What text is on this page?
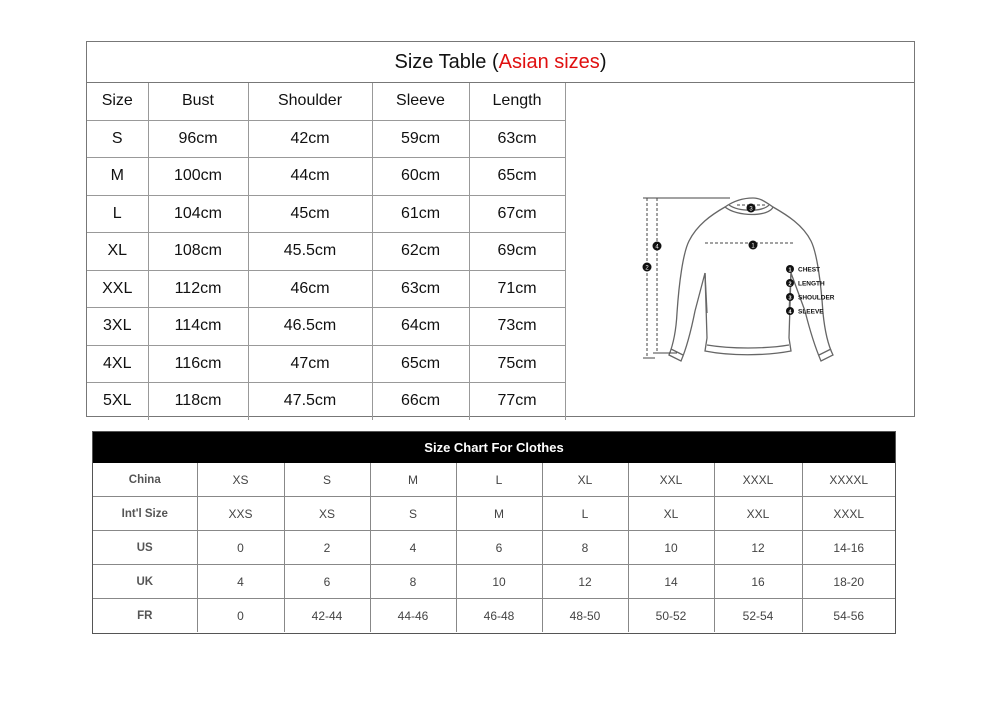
Size Table ( Asian sizes )
Size	Bust	Shoulder	Sleeve	Length
S	96cm	42cm	59cm	63cm
M	100cm	44cm	60cm	65cm
L	104cm	45cm	61cm	67cm
XL	108cm	45.5cm	62cm	69cm
XXL	112cm	46cm	63cm	71cm
3XL	114cm	46.5cm	64cm	73cm
4XL	116cm	47cm	65cm	75cm
5XL	118cm	47.5cm	66cm	77cm
1
3
4
2	1 CHEST
2 LENGTH
3 SHOULDER
4 SLEEVE
Size Chart For Clothes
China	XS	S	M	L	XL	XXL	XXXL	XXXXL
Int'l Size	XXS	XS	S	M	L	XL	XXL	XXXL
US	0	2	4	6	8	10	12	14-16
UK	4	6	8	10	12	14	16	18-20
FR	0	42-44	44-46	46-48	48-50	50-52	52-54	54-56
